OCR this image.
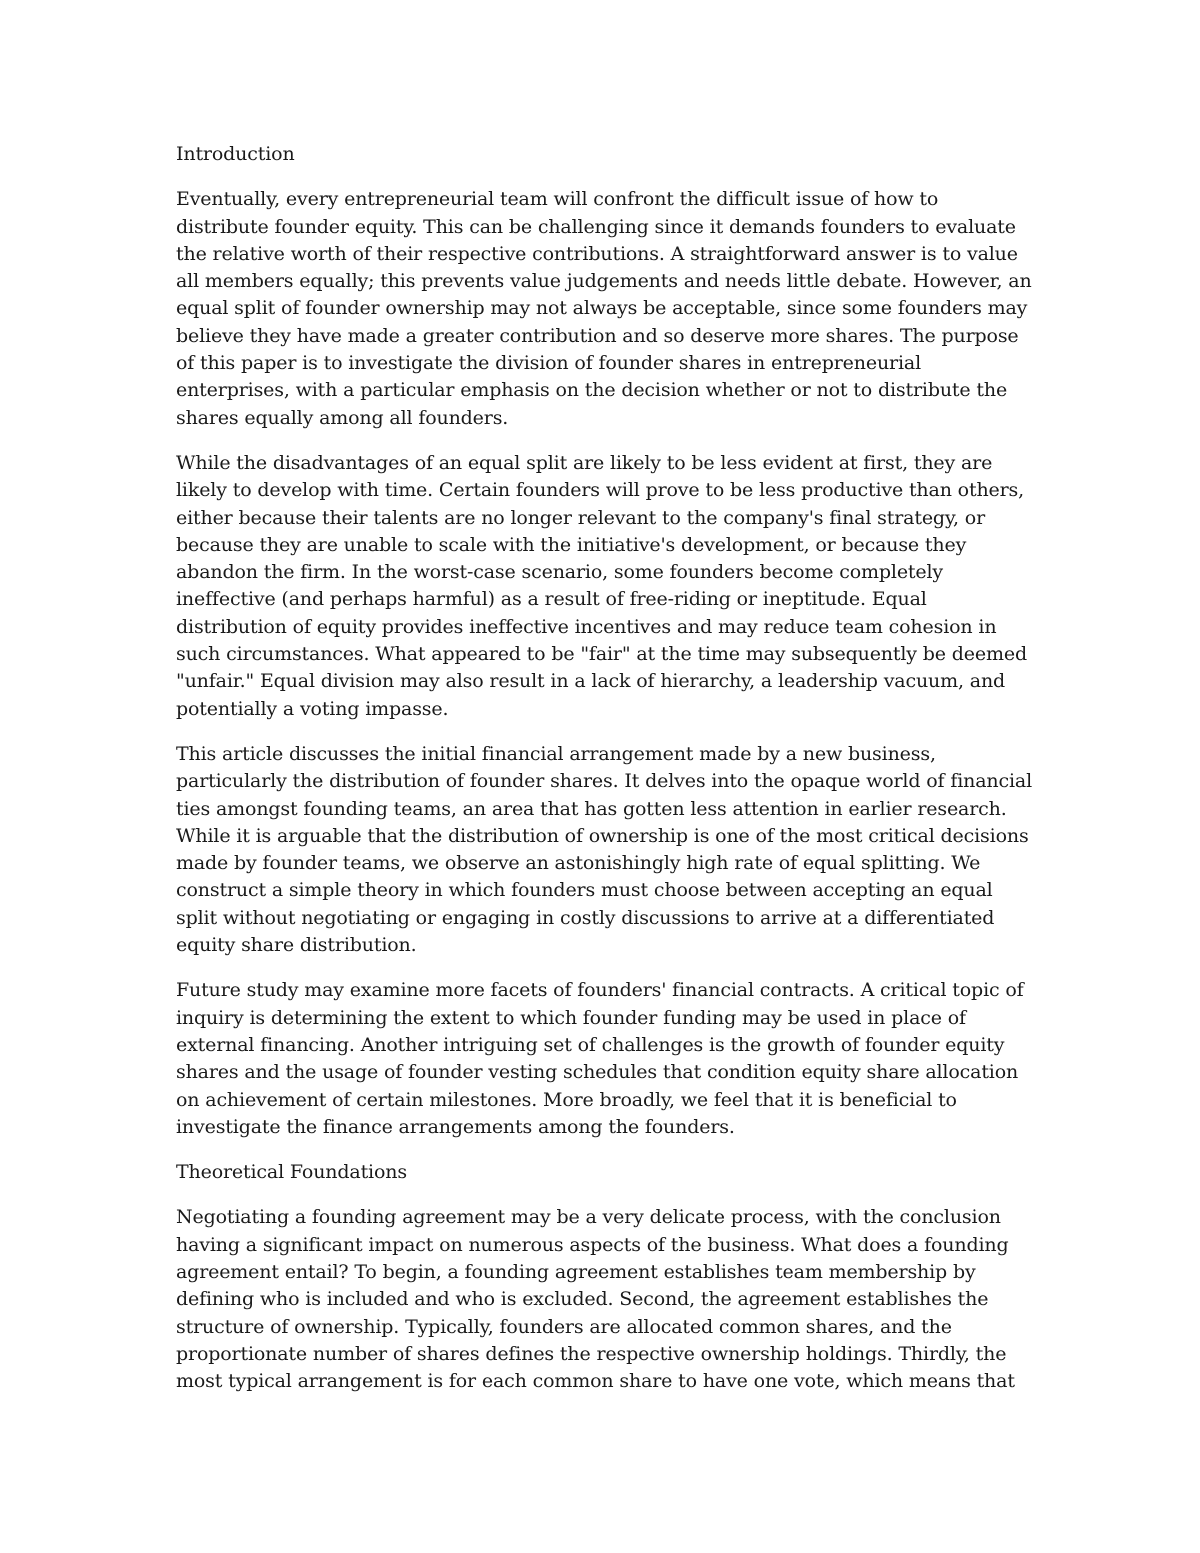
Introduction

Eventually, every entrepreneurial team will confront the difficult issue of how to distribute founder equity. This can be challenging since it demands founders to evaluate the relative worth of their respective contributions. A straightforward answer is to value all members equally; this prevents value judgements and needs little debate. However, an equal split of founder ownership may not always be acceptable, since some founders may believe they have made a greater contribution and so deserve more shares. The purpose of this paper is to investigate the division of founder shares in entrepreneurial enterprises, with a particular emphasis on the decision whether or not to distribute the shares equally among all founders.

While the disadvantages of an equal split are likely to be less evident at first, they are likely to develop with time. Certain founders will prove to be less productive than others, either because their talents are no longer relevant to the company's final strategy, or because they are unable to scale with the initiative's development, or because they abandon the firm. In the worst-case scenario, some founders become completely ineffective (and perhaps harmful) as a result of free-riding or ineptitude. Equal distribution of equity provides ineffective incentives and may reduce team cohesion in such circumstances. What appeared to be "fair" at the time may subsequently be deemed "unfair." Equal division may also result in a lack of hierarchy, a leadership vacuum, and potentially a voting impasse.

This article discusses the initial financial arrangement made by a new business, particularly the distribution of founder shares. It delves into the opaque world of financial ties amongst founding teams, an area that has gotten less attention in earlier research. While it is arguable that the distribution of ownership is one of the most critical decisions made by founder teams, we observe an astonishingly high rate of equal splitting. We construct a simple theory in which founders must choose between accepting an equal split without negotiating or engaging in costly discussions to arrive at a differentiated equity share distribution.

Future study may examine more facets of founders' financial contracts. A critical topic of inquiry is determining the extent to which founder funding may be used in place of external financing. Another intriguing set of challenges is the growth of founder equity shares and the usage of founder vesting schedules that condition equity share allocation on achievement of certain milestones. More broadly, we feel that it is beneficial to investigate the finance arrangements among the founders.

Theoretical Foundations

Negotiating a founding agreement may be a very delicate process, with the conclusion having a significant impact on numerous aspects of the business. What does a founding agreement entail? To begin, a founding agreement establishes team membership by defining who is included and who is excluded. Second, the agreement establishes the structure of ownership. Typically, founders are allocated common shares, and the proportionate number of shares defines the respective ownership holdings. Thirdly, the most typical arrangement is for each common share to have one vote, which means that
